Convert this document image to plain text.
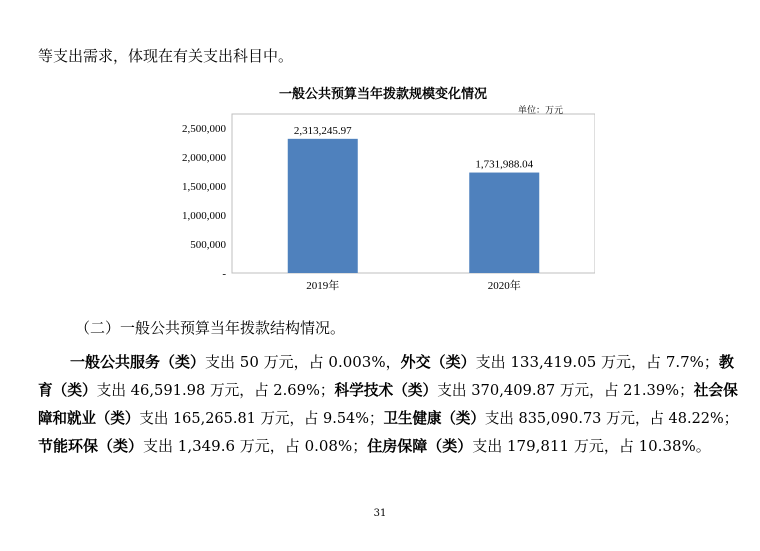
等支出需求，体现在有关支出科目中。
一般公共预算当年拨款规模变化情况
单位：万元
-
500,000
1,000,000
1,500,000
2,000,000
2,500,000	2,313,245.97
1,731,988.04
2019年	2020年
（二）一般公共预算当年拨款结构情况。
一般公共服务（类）支出 50 万元，占 0.003%，外交（类）支出 133,419.05 万元，占 7.7%；教
育（类）支出 46,591.98 万元，占 2.69%；科学技术（类）支出 370,409.87 万元，占 21.39%；社会保
障和就业（类）支出 165,265.81 万元，占 9.54%；卫生健康（类）支出 835,090.73 万元，占 48.22%；
节能环保（类）支出 1,349.6 万元，占 0.08%；住房保障（类）支出 179,811 万元，占 10.38%。
31
